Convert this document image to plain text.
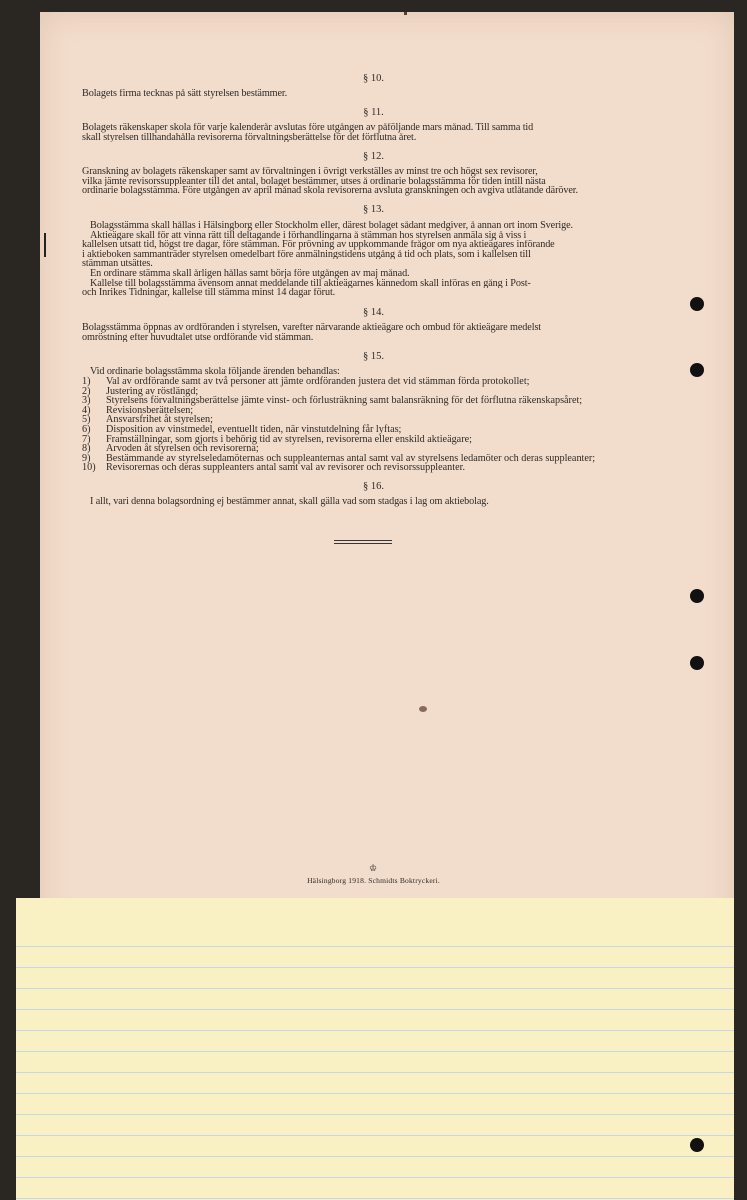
§ 10.
Bolagets firma tecknas på sätt styrelsen bestämmer.
§ 11.
Bolagets räkenskaper skola för varje kalenderår avslutas före utgången av påföljande mars månad. Till samma tid
skall styrelsen tillhandahålla revisorerna förvaltningsberättelse för det förflutna året.
§ 12.
Granskning av bolagets räkenskaper samt av förvaltningen i övrigt verkställes av minst tre och högst sex revisorer,
vilka jämte revisorssuppleanter till det antal, bolaget bestämmer, utses å ordinarie bolagsstämma för tiden intill nästa
ordinarie bolagsstämma. Före utgången av april månad skola revisorerna avsluta granskningen och avgiva utlåtande däröver.
§ 13.
Bolagsstämma skall hållas i Hälsingborg eller Stockholm eller, därest bolaget sådant medgiver, å annan ort inom Sverige.
Aktieägare skall för att vinna rätt till deltagande i förhandlingarna å stämman hos styrelsen anmäla sig å viss i
kallelsen utsatt tid, högst tre dagar, före stämman. För prövning av uppkommande frågor om nya aktieägares införande
i aktieboken sammanträder styrelsen omedelbart före anmälningstidens utgång å tid och plats, som i kallelsen till
stämman utsättes.
En ordinare stämma skall årligen hållas samt börja före utgången av maj månad.
Kallelse till bolagsstämma ävensom annat meddelande till aktieägarnes kännedom skall införas en gång i Post-
och Inrikes Tidningar, kallelse till stämma minst 14 dagar förut.
§ 14.
Bolagsstämma öppnas av ordföranden i styrelsen, varefter närvarande aktieägare och ombud för aktieägare medelst
omröstning efter huvudtalet utse ordförande vid stämman.
§ 15.
Vid ordinarie bolagsstämma skola följande ärenden behandlas:
1) Val av ordförande samt av två personer att jämte ordföranden justera det vid stämman förda protokollet;
2) Justering av röstlängd;
3) Styrelsens förvaltningsberättelse jämte vinst- och förlusträkning samt balansräkning för det förflutna räkenskapsåret;
4) Revisionsberättelsen;
5) Ansvarsfrihet åt styrelsen;
6) Disposition av vinstmedel, eventuellt tiden, när vinstutdelning får lyftas;
7) Framställningar, som gjorts i behörig tid av styrelsen, revisorerna eller enskild aktieägare;
8) Arvoden åt styrelsen och revisorerna;
9) Bestämmande av styrelseledamöternas och suppleanternas antal samt val av styrelsens ledamöter och deras suppleanter;
10) Revisorernas och deras suppleanters antal samt val av revisorer och revisorssuppleanter.
§ 16.
I allt, vari denna bolagsordning ej bestämmer annat, skall gälla vad som stadgas i lag om aktiebolag.
♔
Hälsingborg 1918. Schmidts Boktryckeri.
